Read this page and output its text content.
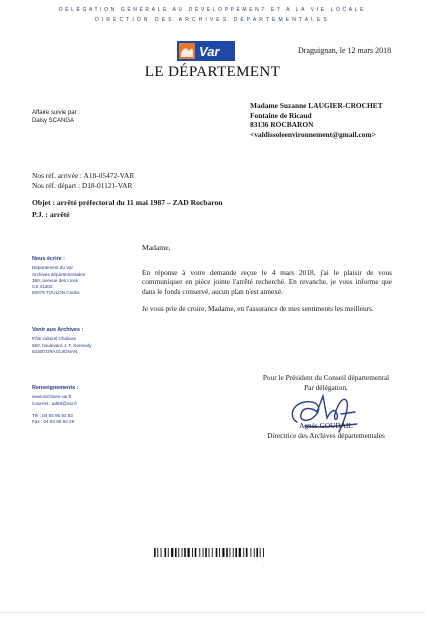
DÉLÉGATION GÉNÉRALE AU DÉVELOPPEMENT ET A LA VIE LOCALE
DIRECTION DES ARCHIVES DÉPARTEMENTALES
Var
LE DÉPARTEMENT
Draguignan, le 12 mars 2018
Affaire suivie par :
Daisy SCANGA
Madame Suzanne LAUGIER-CROCHET
Fontaine de Ricaud
83136 ROCBARON
<valdissoleenvironnement@gmail.com>
Nos réf. arrivée : A18-05472-VAR
Nos réf. départ : D18-01121-VAR
Objet : arrêté préfectoral du 11 mai 1987 – ZAD Rocbaron
P.J. : arrêté
Nous écrire :
Département du Var
Archives départementales
390, avenue des Lices
CS 41303
83076 TOULON Cedex
Venir aux Archives :
Pôle culturel Chabran
660, boulevard J. F. Kennedy
83300 DRAGUIGNAN
Renseignements :
www.archives.var.fr
Courriel : ad83@var.fr
Tél : 04 83 95 83 83
Fax : 04 83 95 83 29
Madame,
En réponse à votre demande reçue le 4 mars 2018, j'ai le plaisir de vous communiquer en pièce jointe l'arrêté recherché. En revanche, je vous informe que dans le fonds conservé, aucun plan n'est annexé.
Je vous prie de croire, Madame, en l'assurance de mes sentiments les meilleurs.
Pour le Président du Conseil départemental
Par délégation,
Agnès GOUDAIL
Directrice des Archives départementales
°
